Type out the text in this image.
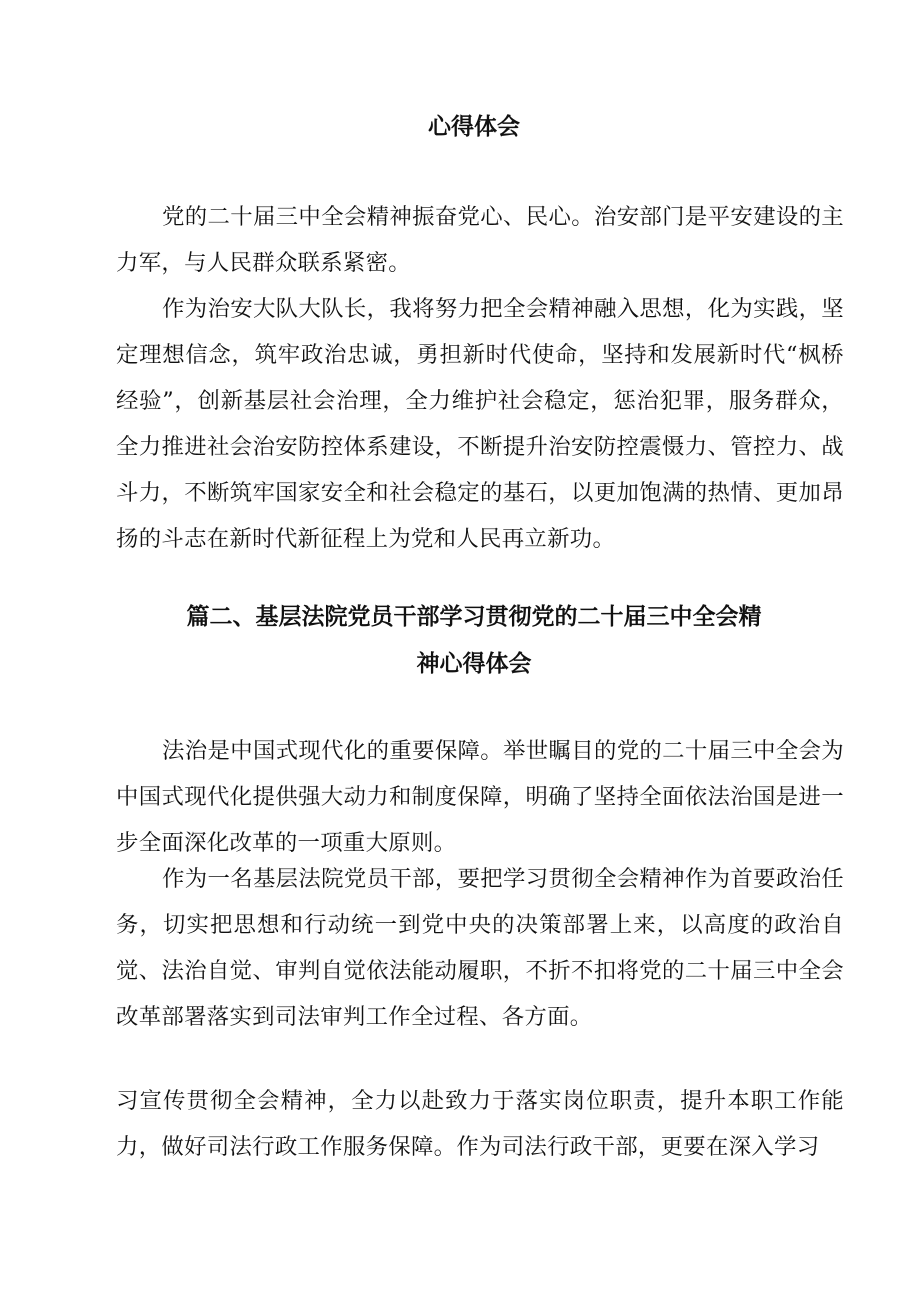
心得体会

党的二十届三中全会精神振奋党心、民心。治安部门是平安建设的主力军，与人民群众联系紧密。

作为治安大队大队长，我将努力把全会精神融入思想，化为实践，坚定理想信念，筑牢政治忠诚，勇担新时代使命，坚持和发展新时代“枫桥经验”，创新基层社会治理，全力维护社会稳定，惩治犯罪，服务群众，全力推进社会治安防控体系建设，不断提升治安防控震慑力、管控力、战斗力，不断筑牢国家安全和社会稳定的基石，以更加饱满的热情、更加昂扬的斗志在新时代新征程上为党和人民再立新功。

篇二、基层法院党员干部学习贯彻党的二十届三中全会精
神心得体会

法治是中国式现代化的重要保障。举世瞩目的党的二十届三中全会为中国式现代化提供强大动力和制度保障，明确了坚持全面依法治国是进一步全面深化改革的一项重大原则。

作为一名基层法院党员干部，要把学习贯彻全会精神作为首要政治任务，切实把思想和行动统一到党中央的决策部署上来，以高度的政治自觉、法治自觉、审判自觉依法能动履职，不折不扣将党的二十届三中全会改革部署落实到司法审判工作全过程、各方面。

习宣传贯彻全会精神，全力以赴致力于落实岗位职责，提升本职工作能力，做好司法行政工作服务保障。作为司法行政干部，更要在深入学习
